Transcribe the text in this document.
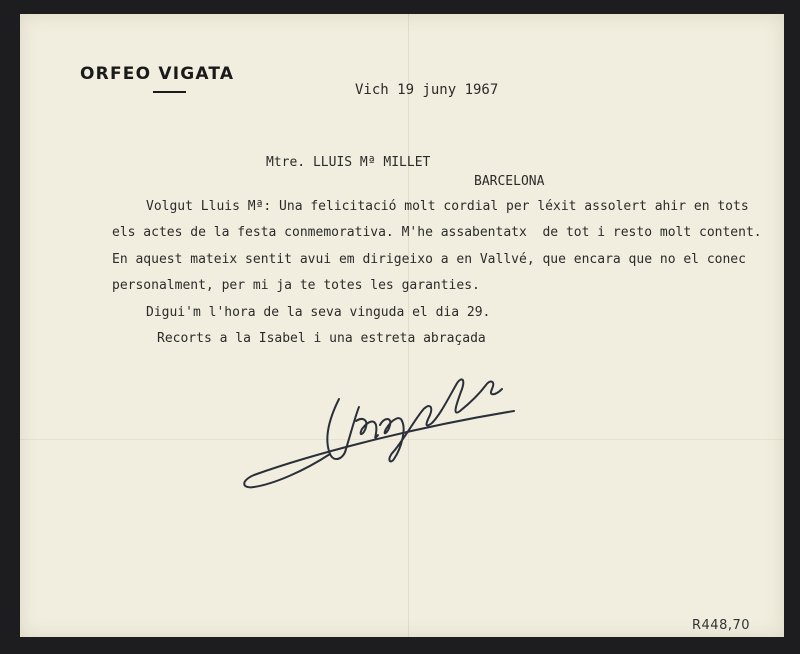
ORFEO VIGATA

Vich 19 juny 1967

Mtre. LLUIS Mª MILLET

BARCELONA

Volgut Lluis Mª: Una felicitació molt cordial per léxit assolert ahir en tots

els actes de la festa conmemorativa. M'he assabentatx  de tot i resto molt content.

En aquest mateix sentit avui em dirigeixo a en Vallvé, que encara que no el conec

personalment, per mi ja te totes les garanties.

Digui'm l'hora de la seva vinguda el dia 29.

Recorts a la Isabel i una estreta abraçada

R448,70
